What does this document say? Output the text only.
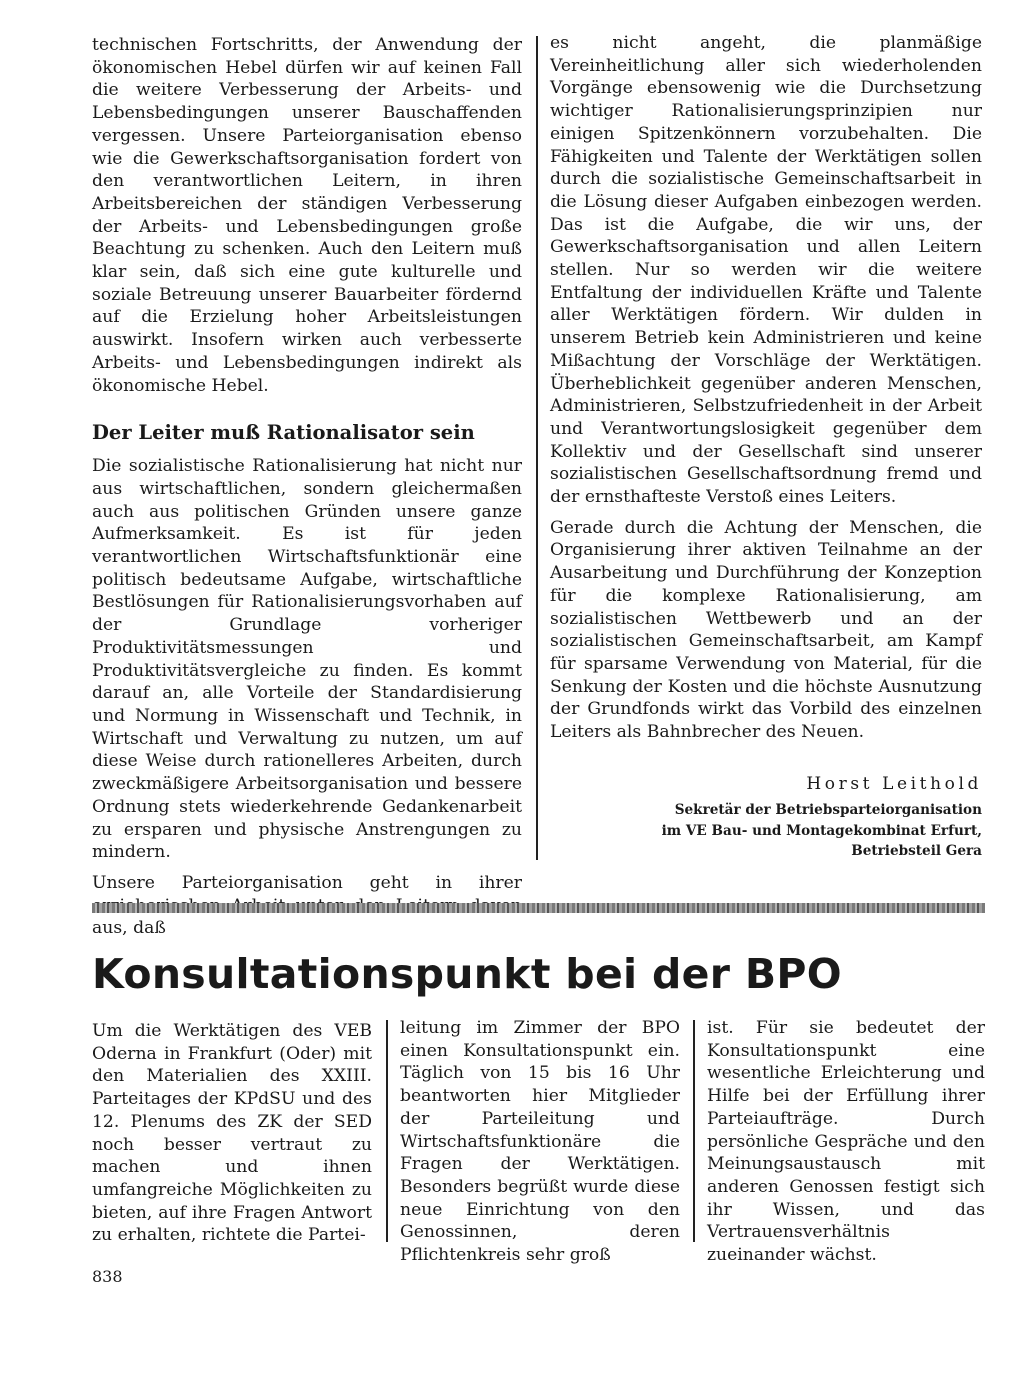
technischen Fortschritts, der Anwendung der ökonomischen Hebel dürfen wir auf keinen Fall die weitere Verbesserung der Arbeits- und Lebensbedingungen unserer Bauschaffenden vergessen. Unsere Parteiorganisation ebenso wie die Gewerkschaftsorganisation fordert von den verantwortlichen Leitern, in ihren Arbeitsbereichen der ständigen Verbesserung der Arbeits- und Lebensbedingungen große Beachtung zu schenken. Auch den Leitern muß klar sein, daß sich eine gute kulturelle und soziale Betreuung unserer Bauarbeiter fördernd auf die Erzielung hoher Arbeitsleistungen auswirkt. Insofern wirken auch verbesserte Arbeits- und Lebensbedingungen indirekt als ökonomische Hebel.

Der Leiter muß Rationalisator sein

Die sozialistische Rationalisierung hat nicht nur aus wirtschaftlichen, sondern gleichermaßen auch aus politischen Gründen unsere ganze Aufmerksamkeit. Es ist für jeden verantwortlichen Wirtschaftsfunktionär eine politisch bedeutsame Aufgabe, wirtschaftliche Bestlösungen für Rationalisierungsvorhaben auf der Grundlage vorheriger Produktivitätsmessungen und Produktivitätsvergleiche zu finden. Es kommt darauf an, alle Vorteile der Standardisierung und Normung in Wissenschaft und Technik, in Wirtschaft und Verwaltung zu nutzen, um auf diese Weise durch rationelleres Arbeiten, durch zweckmäßigere Arbeitsorganisation und bessere Ordnung stets wiederkehrende Gedankenarbeit zu ersparen und physische Anstrengungen zu mindern.

Unsere Parteiorganisation geht in ihrer aus, daß

es nicht angeht, die planmäßige Vereinheitlichung aller sich wiederholenden Vorgänge ebensowenig wie die Durchsetzung wichtiger Rationalisierungsprinzipien nur einigen Spitzenkönnern vorzubehalten. Die Fähigkeiten und Talente der Werktätigen sollen durch die sozialistische Gemeinschaftsarbeit in die Lösung dieser Aufgaben einbezogen werden. Das ist die Aufgabe, die wir uns, der Gewerkschaftsorganisation und allen Leitern stellen. Nur so werden wir die weitere Entfaltung der individuellen Kräfte und Talente aller Werktätigen fördern. Wir dulden in unserem Betrieb kein Administrieren und keine Mißachtung der Vorschläge der Werktätigen. Überheblichkeit gegenüber anderen Menschen, Administrieren, Selbstzufriedenheit in der Arbeit und Verantwortungslosigkeit gegenüber dem Kollektiv und der Gesellschaft sind unserer sozialistischen Gesellschaftsordnung fremd und der ernsthafteste Verstoß eines Leiters.

Gerade durch die Achtung der Menschen, die Organisierung ihrer aktiven Teilnahme an der Ausarbeitung und Durchführung der Konzeption für die komplexe Rationalisierung, am sozialistischen Wettbewerb und an der sozialistischen Gemeinschaftsarbeit, am Kampf für sparsame Verwendung von Material, für die Senkung der Kosten und die höchste Ausnutzung der Grundfonds wirkt das Vorbild des einzelnen Leiters als Bahnbrecher des Neuen.

Horst Leithold

Sekretär der Betriebsparteiorganisation
im VE Bau- und Montagekombinat Erfurt,
Betriebsteil Gera

Konsultationspunkt bei der BPO

Um die Werktätigen des VEB Oderna in Frankfurt (Oder) mit den Materialien des XXIII. Parteitages der KPdSU und des 12. Plenums des ZK der SED noch besser vertraut zu machen und ihnen umfangreiche Möglichkeiten zu bieten, auf ihre Fragen Antwort zu erhalten, richtete die Partei-

leitung im Zimmer der BPO einen Konsultationspunkt ein. Täglich von 15 bis 16 Uhr beantworten hier Mitglieder der Parteileitung und Wirtschaftsfunktionäre die Fragen der Werktätigen. Besonders begrüßt wurde diese neue Einrichtung von den Genossinnen, deren Pflichtenkreis sehr groß

ist. Für sie bedeutet der Konsultationspunkt eine wesentliche Erleichterung und Hilfe bei der Erfüllung ihrer Parteiaufträge. Durch persönliche Gespräche und den Meinungsaustausch mit anderen Genossen festigt sich ihr Wissen, und das Vertrauensverhältnis zueinander wächst.

838
